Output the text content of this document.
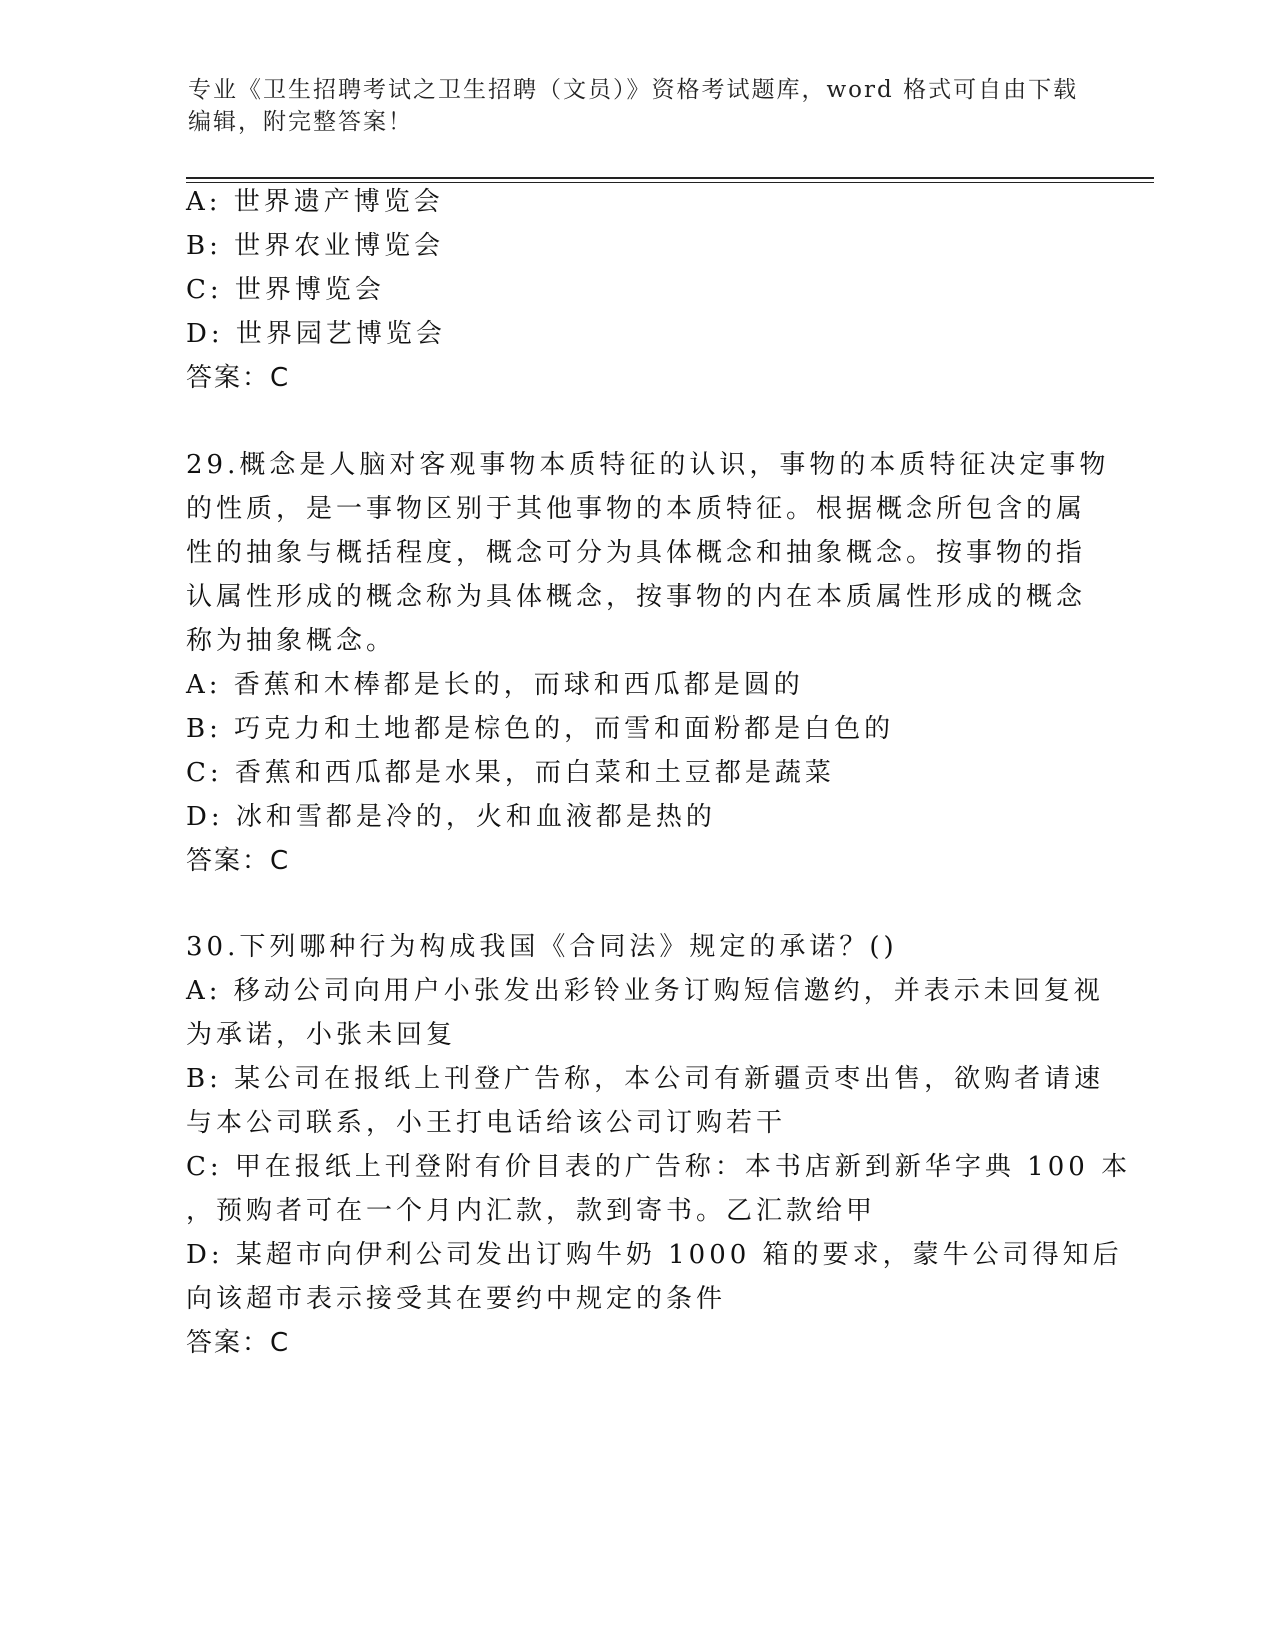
专业《卫生招聘考试之卫生招聘（文员）》资格考试题库，word 格式可自由下载
编辑，附完整答案！
A: 世界遗产博览会
B: 世界农业博览会
C: 世界博览会
D: 世界园艺博览会
答案：C
29.概念是人脑对客观事物本质特征的认识，事物的本质特征决定事物
的性质，是一事物区别于其他事物的本质特征。根据概念所包含的属
性的抽象与概括程度，概念可分为具体概念和抽象概念。按事物的指
认属性形成的概念称为具体概念，按事物的内在本质属性形成的概念
称为抽象概念。
A: 香蕉和木棒都是长的，而球和西瓜都是圆的
B: 巧克力和土地都是棕色的，而雪和面粉都是白色的
C: 香蕉和西瓜都是水果，而白菜和土豆都是蔬菜
D: 冰和雪都是冷的，火和血液都是热的
答案：C
30.下列哪种行为构成我国《合同法》规定的承诺？()
A: 移动公司向用户小张发出彩铃业务订购短信邀约，并表示未回复视
为承诺，小张未回复
B: 某公司在报纸上刊登广告称，本公司有新疆贡枣出售，欲购者请速
与本公司联系，小王打电话给该公司订购若干
C: 甲在报纸上刊登附有价目表的广告称：本书店新到新华字典 100 本
，预购者可在一个月内汇款，款到寄书。乙汇款给甲
D: 某超市向伊利公司发出订购牛奶 1000 箱的要求，蒙牛公司得知后
向该超市表示接受其在要约中规定的条件
答案：C
